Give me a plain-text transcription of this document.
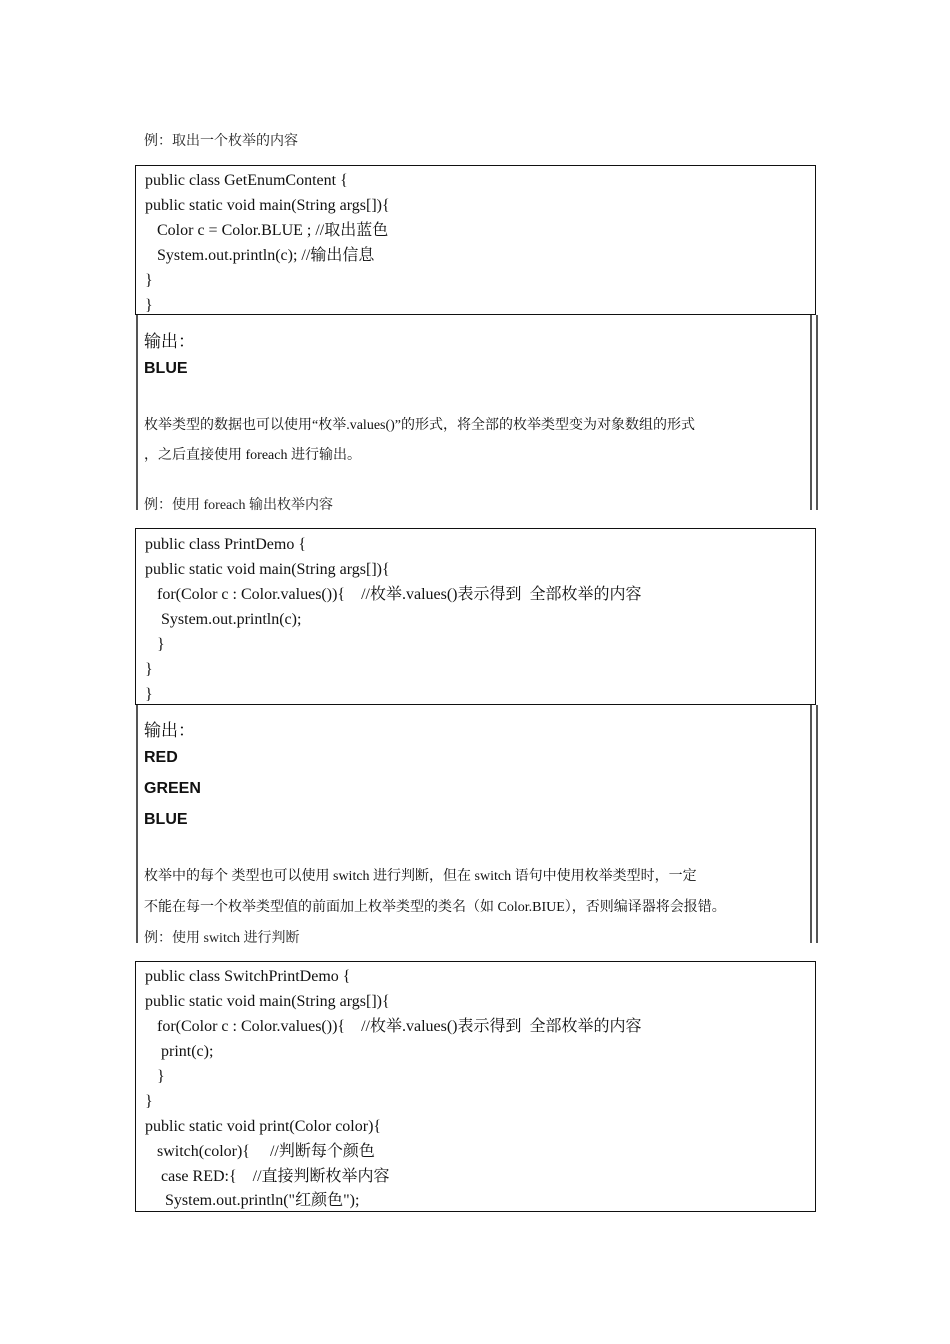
例：取出一个枚举的内容
public class GetEnumContent {
public static void main(String args[]){
Color c = Color.BLUE ; //取出蓝色
System.out.println(c); //输出信息
}
}
输出：
BLUE
枚举类型的数据也可以使用“枚举.values()”的形式，将全部的枚举类型变为对象数组的形式
，之后直接使用 foreach 进行输出。
例：使用 foreach 输出枚举内容
public class PrintDemo {
public static void main(String args[]){
for(Color c : Color.values()){    //枚举.values()表示得到  全部枚举的内容
System.out.println(c);
}
}
}
输出：
RED
GREEN
BLUE
枚举中的每个 类型也可以使用 switch 进行判断，但在 switch 语句中使用枚举类型时，一定
不能在每一个枚举类型值的前面加上枚举类型的类名（如 Color.BIUE），否则编译器将会报错。
例：使用 switch 进行判断
public class SwitchPrintDemo {
public static void main(String args[]){
for(Color c : Color.values()){    //枚举.values()表示得到  全部枚举的内容
print(c);
}
}
public static void print(Color color){
switch(color){     //判断每个颜色
case RED:{    //直接判断枚举内容
System.out.println("红颜色");
